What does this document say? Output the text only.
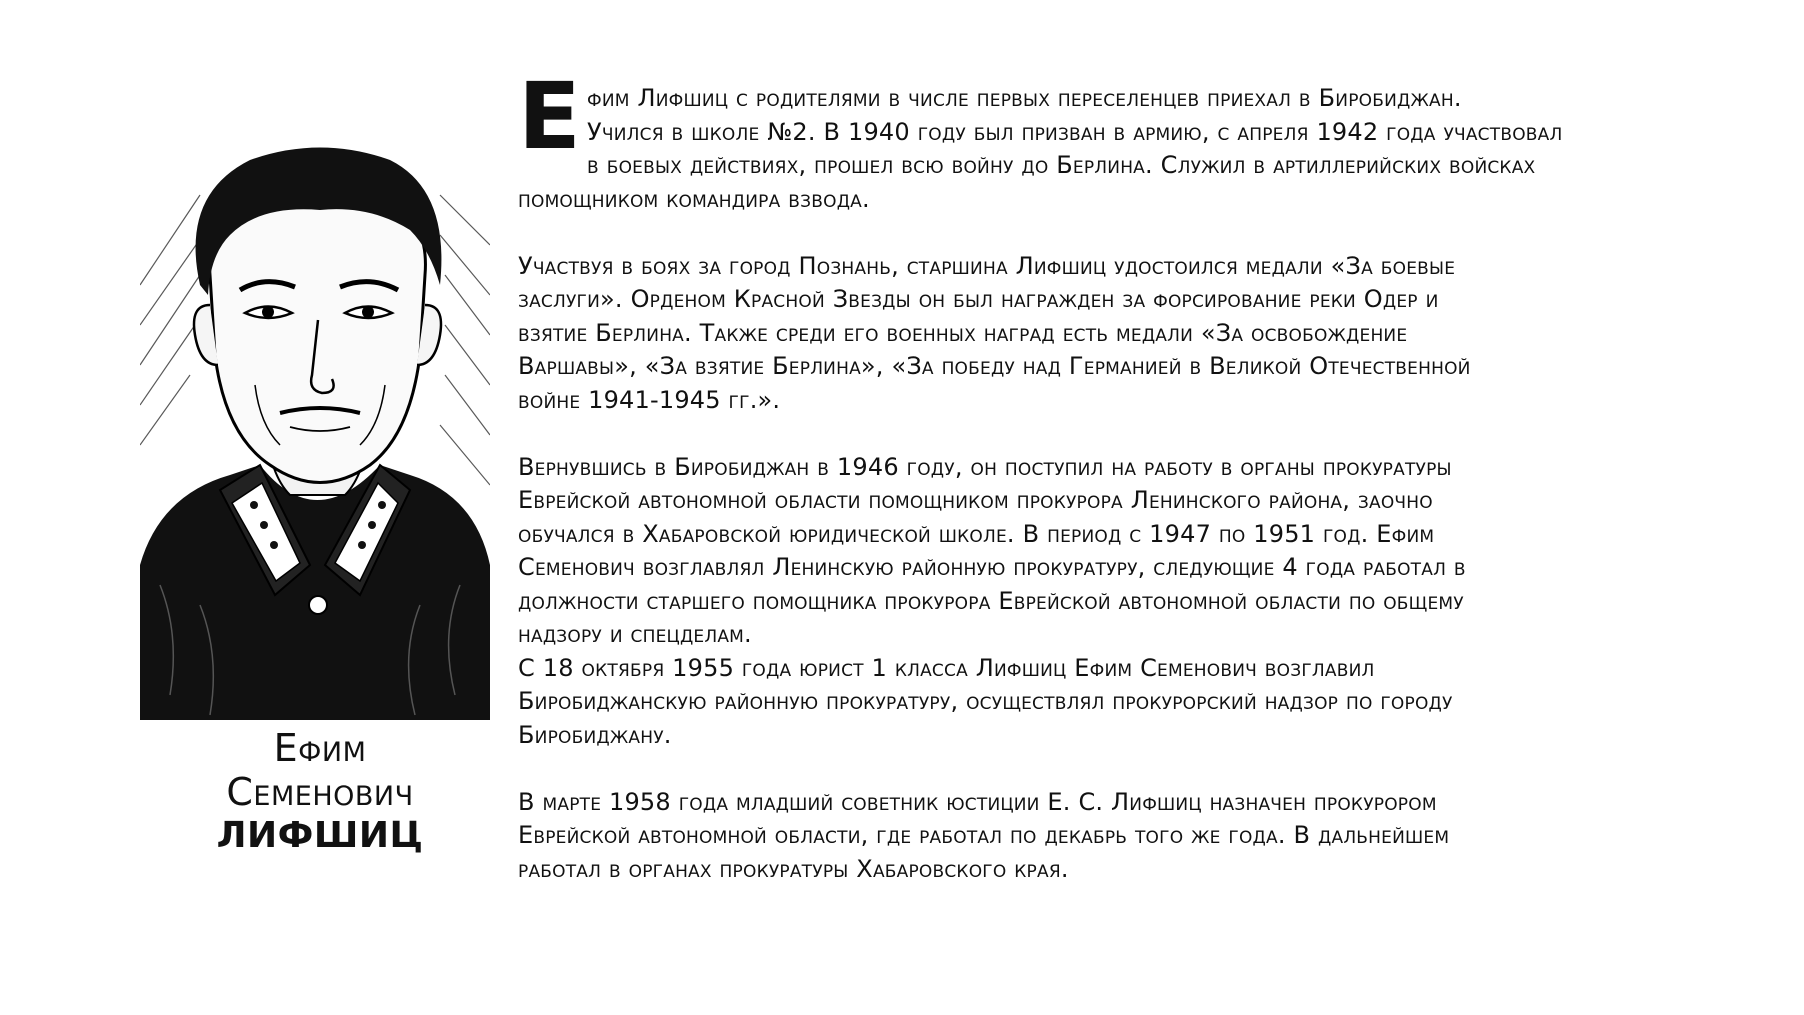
Ефим
Семенович
ЛИФШИЦ

Ефим Лифшиц с родителями в числе первых переселенцев приехал в Биробиджан.
Учился в школе №2. В 1940 году был призван в армию, с апреля 1942 года участвовал
в боевых действиях, прошел всю войну до Берлина. Служил в артиллерийских войсках
помощником командира взвода.

Участвуя в боях за город Познань, старшина Лифшиц удостоился медали «За боевые
заслуги». Орденом Красной Звезды он был награжден за форсирование реки Одер и
взятие Берлина. Также среди его военных наград есть медали «За освобождение
Варшавы», «За взятие Берлина», «За победу над Германией в Великой Отечественной
войне 1941-1945 гг.».

Вернувшись в Биробиджан в 1946 году, он поступил на работу в органы прокуратуры
Еврейской автономной области помощником прокурора Ленинского района, заочно
обучался в Хабаровской юридической школе. В период с 1947 по 1951 год. Ефим
Семенович возглавлял Ленинскую районную прокуратуру, следующие 4 года работал в
должности старшего помощника прокурора Еврейской автономной области по общему
надзору и спецделам.
С 18 октября 1955 года юрист 1 класса Лифшиц Ефим Семенович возглавил
Биробиджанскую районную прокуратуру, осуществлял прокурорский надзор по городу
Биробиджану.

В марте 1958 года младший советник юстиции Е. С. Лифшиц назначен прокурором
Еврейской автономной области, где работал по декабрь того же года. В дальнейшем
работал в органах прокуратуры Хабаровского края.
